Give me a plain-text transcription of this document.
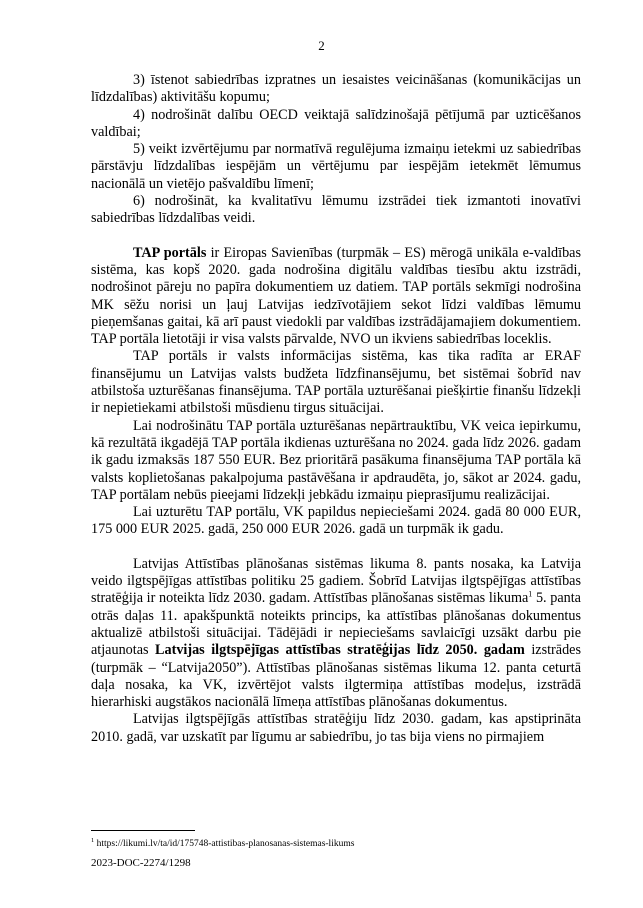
2

3) īstenot sabiedrības izpratnes un iesaistes veicināšanas (komunikācijas un līdzdalības) aktivitāšu kopumu;

4) nodrošināt dalību OECD veiktajā salīdzinošajā pētījumā par uzticēšanos valdībai;

5) veikt izvērtējumu par normatīvā regulējuma izmaiņu ietekmi uz sabiedrības pārstāvju līdzdalības iespējām un vērtējumu par iespējām ietekmēt lēmumus nacionālā un vietējo pašvaldību līmenī;

6) nodrošināt, ka kvalitatīvu lēmumu izstrādei tiek izmantoti inovatīvi sabiedrības līdzdalības veidi.

TAP portāls ir Eiropas Savienības (turpmāk – ES) mērogā unikāla e-valdības sistēma, kas kopš 2020. gada nodrošina digitālu valdības tiesību aktu izstrādi, nodrošinot pāreju no papīra dokumentiem uz datiem. TAP portāls sekmīgi nodrošina MK sēžu norisi un ļauj Latvijas iedzīvotājiem sekot līdzi valdības lēmumu pieņemšanas gaitai, kā arī paust viedokli par valdības izstrādājamajiem dokumentiem. TAP portāla lietotāji ir visa valsts pārvalde, NVO un ikviens sabiedrības loceklis.

TAP portāls ir valsts informācijas sistēma, kas tika radīta ar ERAF finansējumu un Latvijas valsts budžeta līdzfinansējumu, bet sistēmai šobrīd nav atbilstoša uzturēšanas finansējuma. TAP portāla uzturēšanai piešķirtie finanšu līdzekļi ir nepietiekami atbilstoši mūsdienu tirgus situācijai.

Lai nodrošinātu TAP portāla uzturēšanas nepārtrauktību, VK veica iepirkumu, kā rezultātā ikgadējā TAP portāla ikdienas uzturēšana no 2024. gada līdz 2026. gadam ik gadu izmaksās 187 550 EUR. Bez prioritārā pasākuma finansējuma TAP portāla kā valsts koplietošanas pakalpojuma pastāvēšana ir apdraudēta, jo, sākot ar 2024. gadu, TAP portālam nebūs pieejami līdzekļi jebkādu izmaiņu pieprasījumu realizācijai.

Lai uzturētu TAP portālu, VK papildus nepieciešami 2024. gadā 80 000 EUR, 175 000 EUR 2025. gadā, 250 000 EUR 2026. gadā un turpmāk ik gadu.

Latvijas Attīstības plānošanas sistēmas likuma 8. pants nosaka, ka Latvija veido ilgtspējīgas attīstības politiku 25 gadiem. Šobrīd Latvijas ilgtspējīgas attīstības stratēģija ir noteikta līdz 2030. gadam. Attīstības plānošanas sistēmas likuma$^1$ 5. panta otrās daļas 11. apakšpunktā noteikts princips, ka attīstības plānošanas dokumentus aktualizē atbilstoši situācijai. Tādējādi ir nepieciešams savlaicīgi uzsākt darbu pie atjaunotas Latvijas ilgtspējīgas attīstības stratēģijas līdz 2050. gadam izstrādes (turpmāk – “Latvija2050”). Attīstības plānošanas sistēmas likuma 12. panta ceturtā daļa nosaka, ka VK, izvērtējot valsts ilgtermiņa attīstības modeļus, izstrādā hierarhiski augstākos nacionālā līmeņa attīstības plānošanas dokumentus.

Latvijas ilgtspējīgās attīstības stratēģiju līdz 2030. gadam, kas apstiprināta 2010. gadā, var uzskatīt par līgumu ar sabiedrību, jo tas bija viens no pirmajiem

$^1$ https://likumi.lv/ta/id/175748-attistibas-planosanas-sistemas-likums
2023-DOC-2274/1298
